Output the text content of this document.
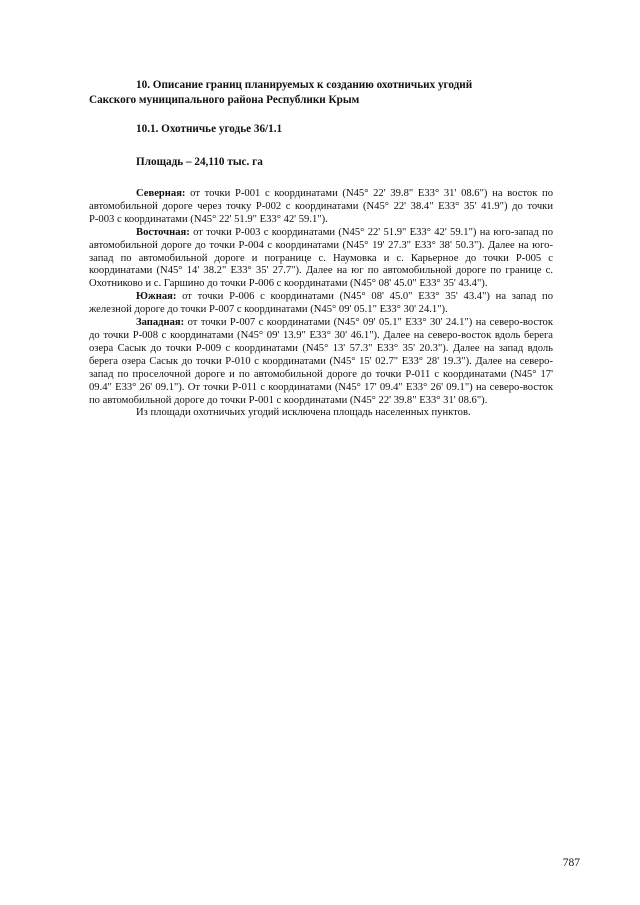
10. Описание границ планируемых к созданию охотничьих угодий
Сакского муниципального района Республики Крым
10.1. Охотничье угодье 36/1.1

Площадь – 24,110 тыс. га

Северная: от точки Р-001 с координатами (N45° 22' 39.8" E33° 31' 08.6") на восток по автомобильной дороге через точку Р-002 с координатами (N45° 22' 38.4" E33° 35' 41.9") до точки Р-003 с координатами (N45° 22' 51.9" E33° 42' 59.1").

Восточная: от точки Р-003 с координатами (N45° 22' 51.9" E33° 42' 59.1") на юго-запад по автомобильной дороге до точки Р-004 с координатами (N45° 19' 27.3" E33° 38' 50.3"). Далее на юго-запад по автомобильной дороге и пограницe с. Наумовка и с. Карьерное до точки Р-005 с координатами (N45° 14' 38.2" E33° 35' 27.7"). Далее на юг по автомобильной дороге по границе с. Охотниково и с. Гаршино до точки Р-006 с координатами (N45° 08' 45.0" E33° 35' 43.4").

Южная: от точки Р-006 с координатами (N45° 08' 45.0" E33° 35' 43.4") на запад по железной дороге до точки Р-007 с координатами (N45° 09' 05.1" E33° 30' 24.1").

Западная: от точки Р-007 с координатами (N45° 09' 05.1" E33° 30' 24.1") на северо-восток до точки Р-008 с координатами (N45° 09' 13.9" E33° 30' 46.1"). Далее на северо-восток вдоль берега озера Сасык до точки Р-009 с координатами (N45° 13' 57.3" E33° 35' 20.3"). Далее на запад вдоль берега озера Сасык до точки Р-010 с координатами (N45° 15' 02.7" E33° 28' 19.3"). Далее на северо-запад по проселочной дороге и по автомобильной дороге до точки Р-011 с координатами (N45° 17' 09.4" E33° 26' 09.1"). От точки Р-011 с координатами (N45° 17' 09.4" E33° 26' 09.1") на северо-восток по автомобильной дороге до точки Р-001 с координатами (N45° 22' 39.8" E33° 31' 08.6").

Из площади охотничьих угодий исключена площадь населенных пунктов.

787
